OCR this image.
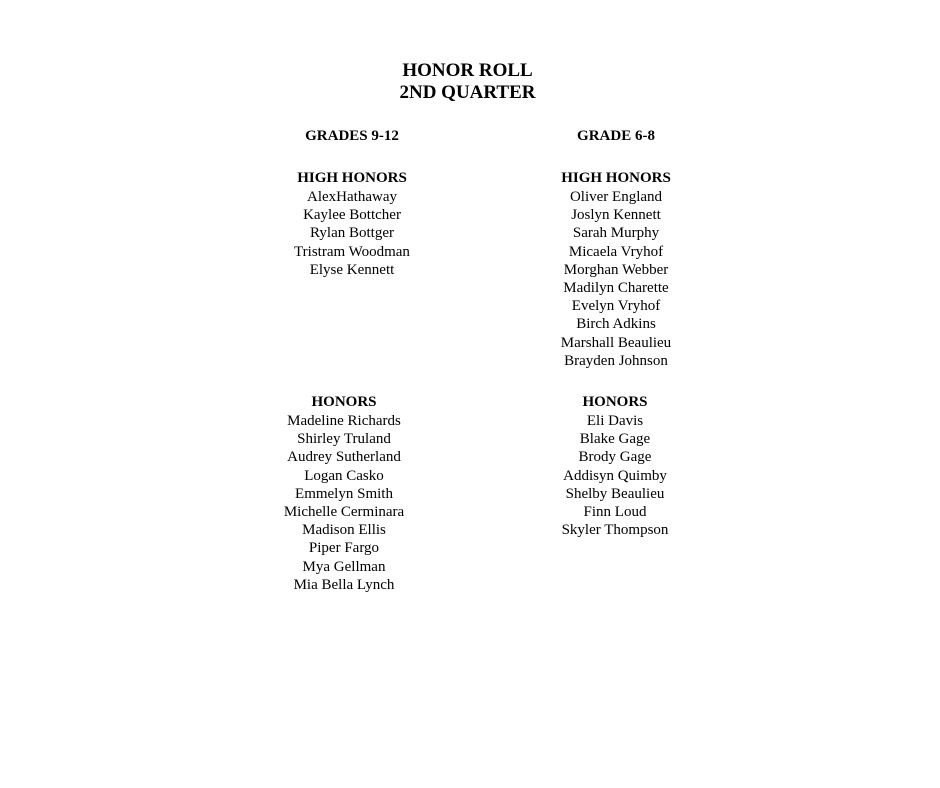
HONOR ROLL
2ND QUARTER
GRADES 9-12
HIGH HONORS
AlexHathaway
Kaylee Bottcher
Rylan Bottger
Tristram Woodman
Elyse Kennett
HONORS
Madeline Richards
Shirley Truland
Audrey Sutherland
Logan Casko
Emmelyn Smith
Michelle Cerminara
Madison Ellis
Piper Fargo
Mya Gellman
Mia Bella Lynch
GRADE 6-8
HIGH HONORS
Oliver England
Joslyn Kennett
Sarah Murphy
Micaela Vryhof
Morghan Webber
Madilyn Charette
Evelyn Vryhof
Birch Adkins
Marshall Beaulieu
Brayden Johnson
HONORS
Eli Davis
Blake Gage
Brody Gage
Addisyn Quimby
Shelby Beaulieu
Finn Loud
Skyler Thompson
